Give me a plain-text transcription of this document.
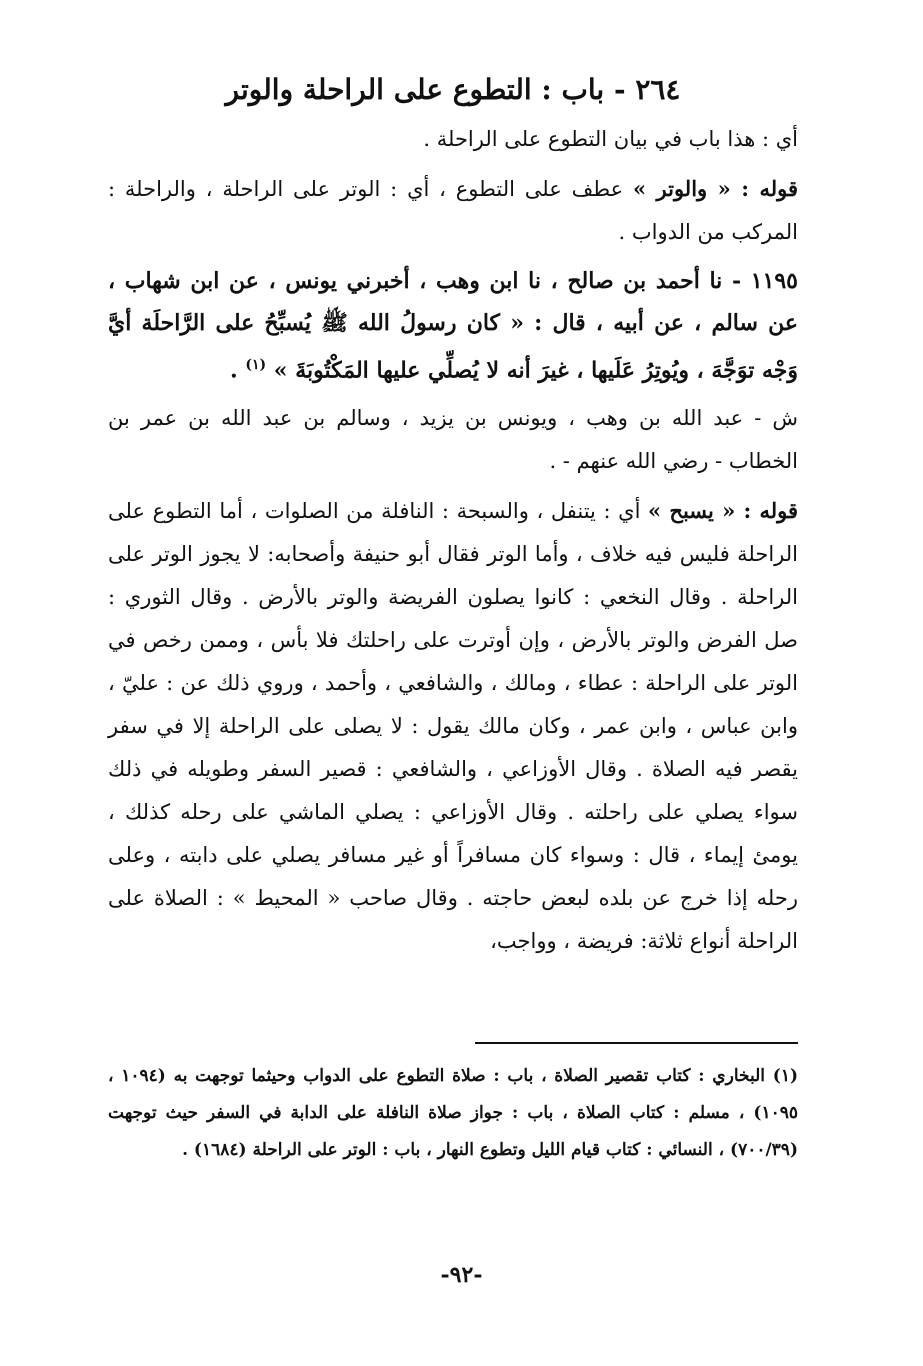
٢٦٤ - باب : التطوع على الراحلة والوتر

أي : هذا باب في بيان التطوع على الراحلة .

قوله : « والوتر » عطف على التطوع ، أي : الوتر على الراحلة ، والراحلة : المركب من الدواب .

١١٩٥ - نا أحمد بن صالح ، نا ابن وهب ، أخبرني يونس ، عن ابن شهاب ، عن سالم ، عن أبيه ، قال : « كان رسولُ الله ﷺ يُسبِّحُ على الرَّاحلَة أيَّ وَجْه توَجَّهَ ، ويُوتِرُ عَلَيها ، غيرَ أنه لا يُصلِّي عليها المَكْتُوبَةَ » $^{(١)}$ .

ش - عبد الله بن وهب ، ويونس بن يزيد ، وسالم بن عبد الله بن عمر بن الخطاب - رضي الله عنهم - .

قوله : « يسبح » أي : يتنفل ، والسبحة : النافلة من الصلوات ، أما التطوع على الراحلة فليس فيه خلاف ، وأما الوتر فقال أبو حنيفة وأصحابه: لا يجوز الوتر على الراحلة . وقال النخعي : كانوا يصلون الفريضة والوتر بالأرض . وقال الثوري : صل الفرض والوتر بالأرض ، وإن أوترت على راحلتك فلا بأس ، وممن رخص في الوتر على الراحلة : عطاء ، ومالك ، والشافعي ، وأحمد ، وروي ذلك عن : عليّ ، وابن عباس ، وابن عمر ، وكان مالك يقول : لا يصلى على الراحلة إلا في سفر يقصر فيه الصلاة . وقال الأوزاعي ، والشافعي : قصير السفر وطويله في ذلك سواء يصلي على راحلته . وقال الأوزاعي : يصلي الماشي على رحله كذلك ، يومئ إيماء ، قال : وسواء كان مسافراً أو غير مسافر يصلي على دابته ، وعلى رحله إذا خرج عن بلده لبعض حاجته . وقال صاحب « المحيط » : الصلاة على الراحلة أنواع ثلاثة: فريضة ، وواجب،

(١) البخاري : كتاب تقصير الصلاة ، باب : صلاة التطوع على الدواب وحيثما توجهت به (١٠٩٤ ، ١٠٩٥) ، مسلم : كتاب الصلاة ، باب : جواز صلاة النافلة على الدابة في السفر حيث توجهت (٧٠٠/٣٩) ، النسائي : كتاب قيام الليل وتطوع النهار ، باب : الوتر على الراحلة (١٦٨٤) .
-٩٢-
